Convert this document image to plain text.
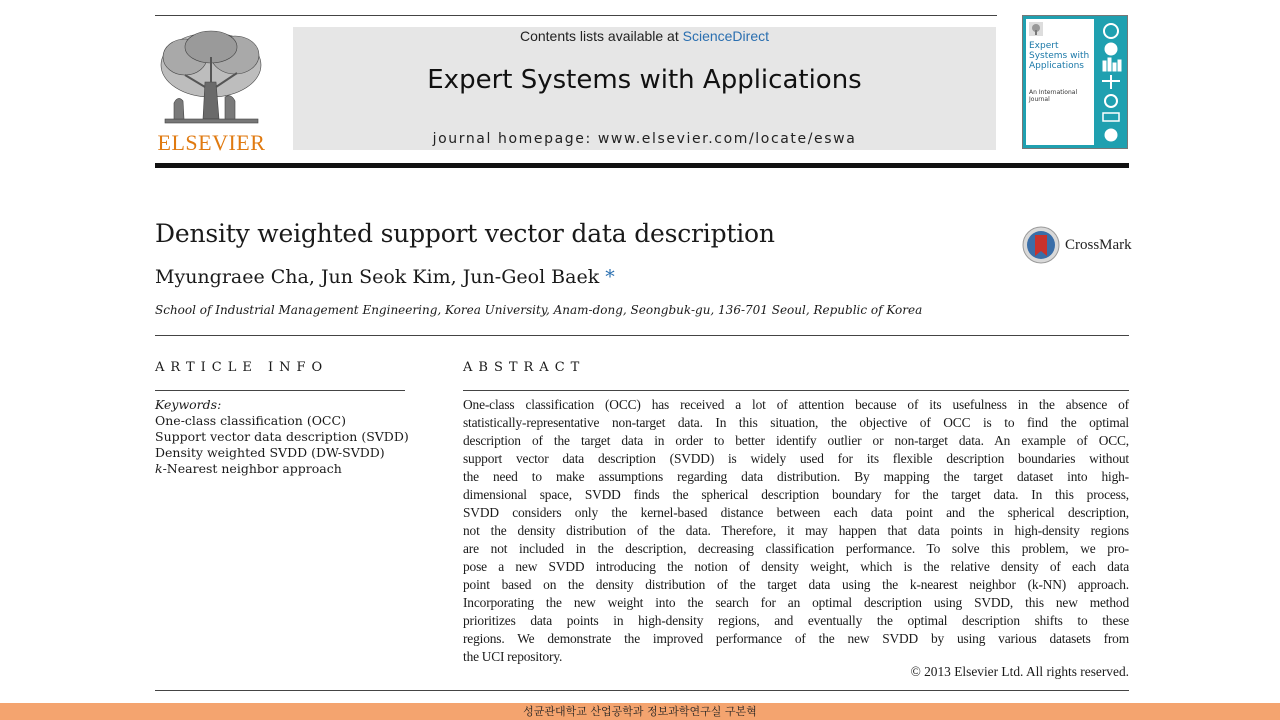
ELSEVIER
Contents lists available at ScienceDirect
Expert Systems with Applications
journal homepage: www.elsevier.com/locate/eswa
Expert Systems with Applications
An International Journal
Density weighted support vector data description	CrossMark
Myungraee Cha, Jun Seok Kim, Jun-Geol Baek *
School of Industrial Management Engineering, Korea University, Anam-dong, Seongbuk-gu, 136-701 Seoul, Republic of Korea
ARTICLE INFO
Keywords:
One-class classification (OCC)
Support vector data description (SVDD)
Density weighted SVDD (DW-SVDD)
k-Nearest neighbor approach
ABSTRACT
One-class classification (OCC) has received a lot of attention because of its usefulness in the absence of
statistically-representative non-target data. In this situation, the objective of OCC is to find the optimal
description of the target data in order to better identify outlier or non-target data. An example of OCC,
support vector data description (SVDD) is widely used for its flexible description boundaries without
the need to make assumptions regarding data distribution. By mapping the target dataset into high-
dimensional space, SVDD finds the spherical description boundary for the target data. In this process,
SVDD considers only the kernel-based distance between each data point and the spherical description,
not the density distribution of the data. Therefore, it may happen that data points in high-density regions
are not included in the description, decreasing classification performance. To solve this problem, we pro-
pose a new SVDD introducing the notion of density weight, which is the relative density of each data
point based on the density distribution of the target data using the k-nearest neighbor (k-NN) approach.
Incorporating the new weight into the search for an optimal description using SVDD, this new method
prioritizes data points in high-density regions, and eventually the optimal description shifts to these
regions. We demonstrate the improved performance of the new SVDD by using various datasets from
the UCI repository.
© 2013 Elsevier Ltd. All rights reserved.
성균관대학교 산업공학과 정보과학연구실 구본혁
